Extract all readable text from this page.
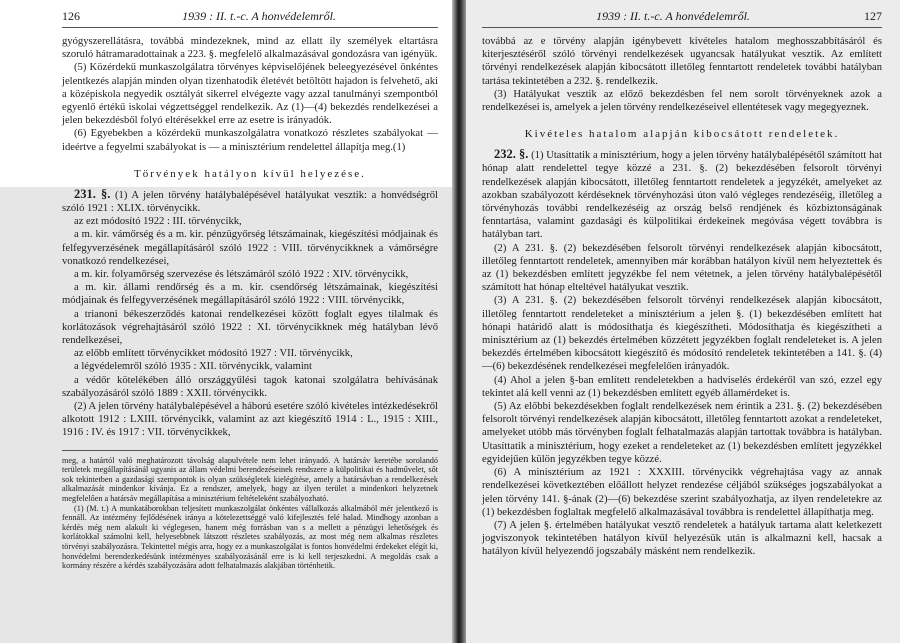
126	1939 : II. t.-c. A honvédelemről.

gyógyszerellátásra, továbbá mindezeknek, mind az ellatt ily személyek eltartásra szoruló hátramaradottainak a 223. §. megfelelő alkalmazásával gondozásra van igényük.

(5) Közérdekű munkaszolgálatra törvényes képviselőjének beleegyezésével önkéntes jelentkezés alapján minden olyan tizenhatodik életévét betöltött hajadon is felvehető, aki a középiskola negyedik osztályát sikerrel elvégezte vagy azzal tanulmányi szempontból egyenlő értékű iskolai végzettséggel rendelkezik. Az (1)—(4) bekezdés rendelkezései a jelen bekezdésből folyó eltérésekkel erre az esetre is irányadók.

(6) Egyebekben a közérdekű munkaszolgálatra vonatkozó részletes szabályokat — ideértve a fegyelmi szabályokat is — a minisztérium rendelettel állapítja meg.(1)

Törvények hatályon kívül helyezése.

231. §. (1) A jelen törvény hatálybalépésével hatályukat vesztik: a honvédségről szóló 1921 : XLIX. törvénycikk.

az ezt módosító 1922 : III. törvénycikk,

a m. kir. vámőrség és a m. kir. pénzügyőrség létszámainak, kiegészítési módjainak és felfegyverzésének megállapításáról szóló 1922 : VIII. törvénycikknek a vámőrségre vonatkozó rendelkezései,

a m. kir. folyamőrség szervezése és létszámáról szóló 1922 : XIV. törvénycikk,

a m. kir. állami rendőrség és a m. kir. csendőrség létszámainak, kiegészítési módjainak és felfegyverzésének megállapításáról szóló 1922 : VIII. törvénycikk,

a trianoni békeszerződés katonai rendelkezései között foglalt egyes tilalmak és korlátozások végrehajtásáról szóló 1922 : XI. törvénycikknek még hatályban lévő rendelkezései,

az előbb említett törvénycikket módosító 1927 : VII. törvénycikk,

a légvédelemről szóló 1935 : XII. törvénycikk, valamint

a védőr kötelékében álló országgyűlési tagok katonai szolgálatra behívásának szabályozásáról szóló 1889 : XXII. törvénycikk.

(2) A jelen törvény hatálybalépésével a háború esetére szóló kivételes intézkedésekről alkotott 1912 : LXIII. törvénycikk, valamint az azt kiegészítő 1914 : L., 1915 : XIII., 1916 : IV. és 1917 : VII. törvénycikkek,

meg, a határtól való meghatározott távolság alapulvétele nem lehet irányadó. A határsáv keretébe sorolandó területek megállapításánál ugyanis az állam védelmi berendezéseinek rendszere a külpolitikai és hadművelet, sőt sok tekintetben a gazdasági szempontok is olyan szükségletek kielégítése, amely a határsávban a rendelkezések alkalmazását mindenkor kívánja. Ez a rendszer, amelyek, hogy az ilyen terület a mindenkori helyzetnek megfelelően a határsáv megállapítása a minisztérium feltételeként szabályozható.

(1) (M. t.) A munkatáborokban teljesített munkaszolgálat önkéntes vállalkozás alkalmából mér jelentkező is fennáll. Az intézmény fejlődésének iránya a kötelezettséggé való kifejlesztés felé halad. Mindhogy azonban a kérdés még nem alakult ki véglegesen, hanem még forrásban van s a mellett a pénzügyi lehetőségek és korlátokkal számolni kell, helyesebbnek látszott részletes szabályozás, az most még nem alkalmas részletes törvényi szabályozásra. Tekintettel mégis arra, hogy ez a munkaszolgálat is fontos honvédelmi érdekeket elégít ki, honvédelmi berendezkedésünk intézményes szabályozásánál erre is ki kell terjeszkedni. A megoldás csak a kormány részére a kérdés szabályozására adott felhatalmazás alakjában történhetik.

1939 : II. t.-c. A honvédelemről.	127

továbbá az e törvény alapján igénybevett kivételes hatalom meghosszabbításáról és kiterjesztéséről szóló törvényi rendelkezések ugyancsak hatályukat vesztik. Az említett törvényi rendelkezések alapján kibocsátott illetőleg fenntartott rendeletek további hatályban tartása tekintetében a 232. §. rendelkezik.

(3) Hatályukat vesztik az előző bekezdésben fel nem sorolt törvényeknek azok a rendelkezései is, amelyek a jelen törvény rendelkezéseivel ellentétesek vagy megegyeznek.

Kivételes hatalom alapján kibocsátott rendeletek.

232. §. (1) Utasíttatik a minisztérium, hogy a jelen törvény hatálybalépésétől számított hat hónap alatt rendelettel tegye közzé a 231. §. (2) bekezdésében felsorolt törvényi rendelkezések alapján kibocsátott, illetőleg fenntartott rendeletek a jegyzékét, amelyeket az azokban szabályozott kérdéseknek törvényhozási úton való végleges rendezéséig, illetőleg a törvényhozás további rendelkezéséig az ország belső rendjének és közbiztonságának fenntartása, valamint gazdasági és külpolitikai érdekeinek megóvása végett továbbra is hatályban tart.

(2) A 231. §. (2) bekezdésében felsorolt törvényi rendelkezések alapján kibocsátott, illetőleg fenntartott rendeletek, amennyiben már korábban hatályon kívül nem helyeztettek és az (1) bekezdésben említett jegyzékbe fel nem vétetnek, a jelen törvény hatálybalépésétől számított hat hónap elteltével hatályukat vesztik.

(3) A 231. §. (2) bekezdésében felsorolt törvényi rendelkezések alapján kibocsátott, illetőleg fenntartott rendeleteket a minisztérium a jelen §. (1) bekezdésében említett hat hónapi határidő alatt is módosíthatja és kiegészítheti. Módosíthatja és kiegészítheti a minisztérium az (1) bekezdés értelmében közzétett jegyzékben foglalt rendeleteket is. A jelen bekezdés értelmében kibocsátott kiegészítő és módosító rendeletek tekintetében a 141. §. (4)—(6) bekezdésének rendelkezései megfelelően irányadók.

(4) Ahol a jelen §-ban említett rendeletekben a hadviselés érdekéről van szó, ezzel egy tekintet alá kell venni az (1) bekezdésben említett egyéb államérdeket is.

(5) Az előbbi bekezdésekben foglalt rendelkezések nem érintik a 231. §. (2) bekezdésében felsorolt törvényi rendelkezések alapján kibocsátott, illetőleg fenntartott azokat a rendeleteket, amelyeket utóbb más törvényben foglalt felhatalmazás alapján tartottak továbbra is hatályban. Utasíttatik a minisztérium, hogy ezeket a rendeleteket az (1) bekezdésben említett jegyzékkel egyidejűen külön jegyzékben tegye közzé.

(6) A minisztérium az 1921 : XXXIII. törvénycikk végrehajtása vagy az annak rendelkezései következtében előállott helyzet rendezése céljából szükséges jogszabályokat a jelen törvény 141. §-ának (2)—(6) bekezdése szerint szabályozhatja, az ilyen rendeletekre az (1) bekezdésben foglaltak megfelelő alkalmazásával továbbra is rendelettel állapíthatja meg.

(7) A jelen §. értelmében hatályukat vesztő rendeletek a hatályuk tartama alatt keletkezett jogviszonyok tekintetében hatályon kívül helyezésük után is alkalmazni kell, hacsak a hatályon kívül helyezendő jogszabály másként nem rendelkezik.
